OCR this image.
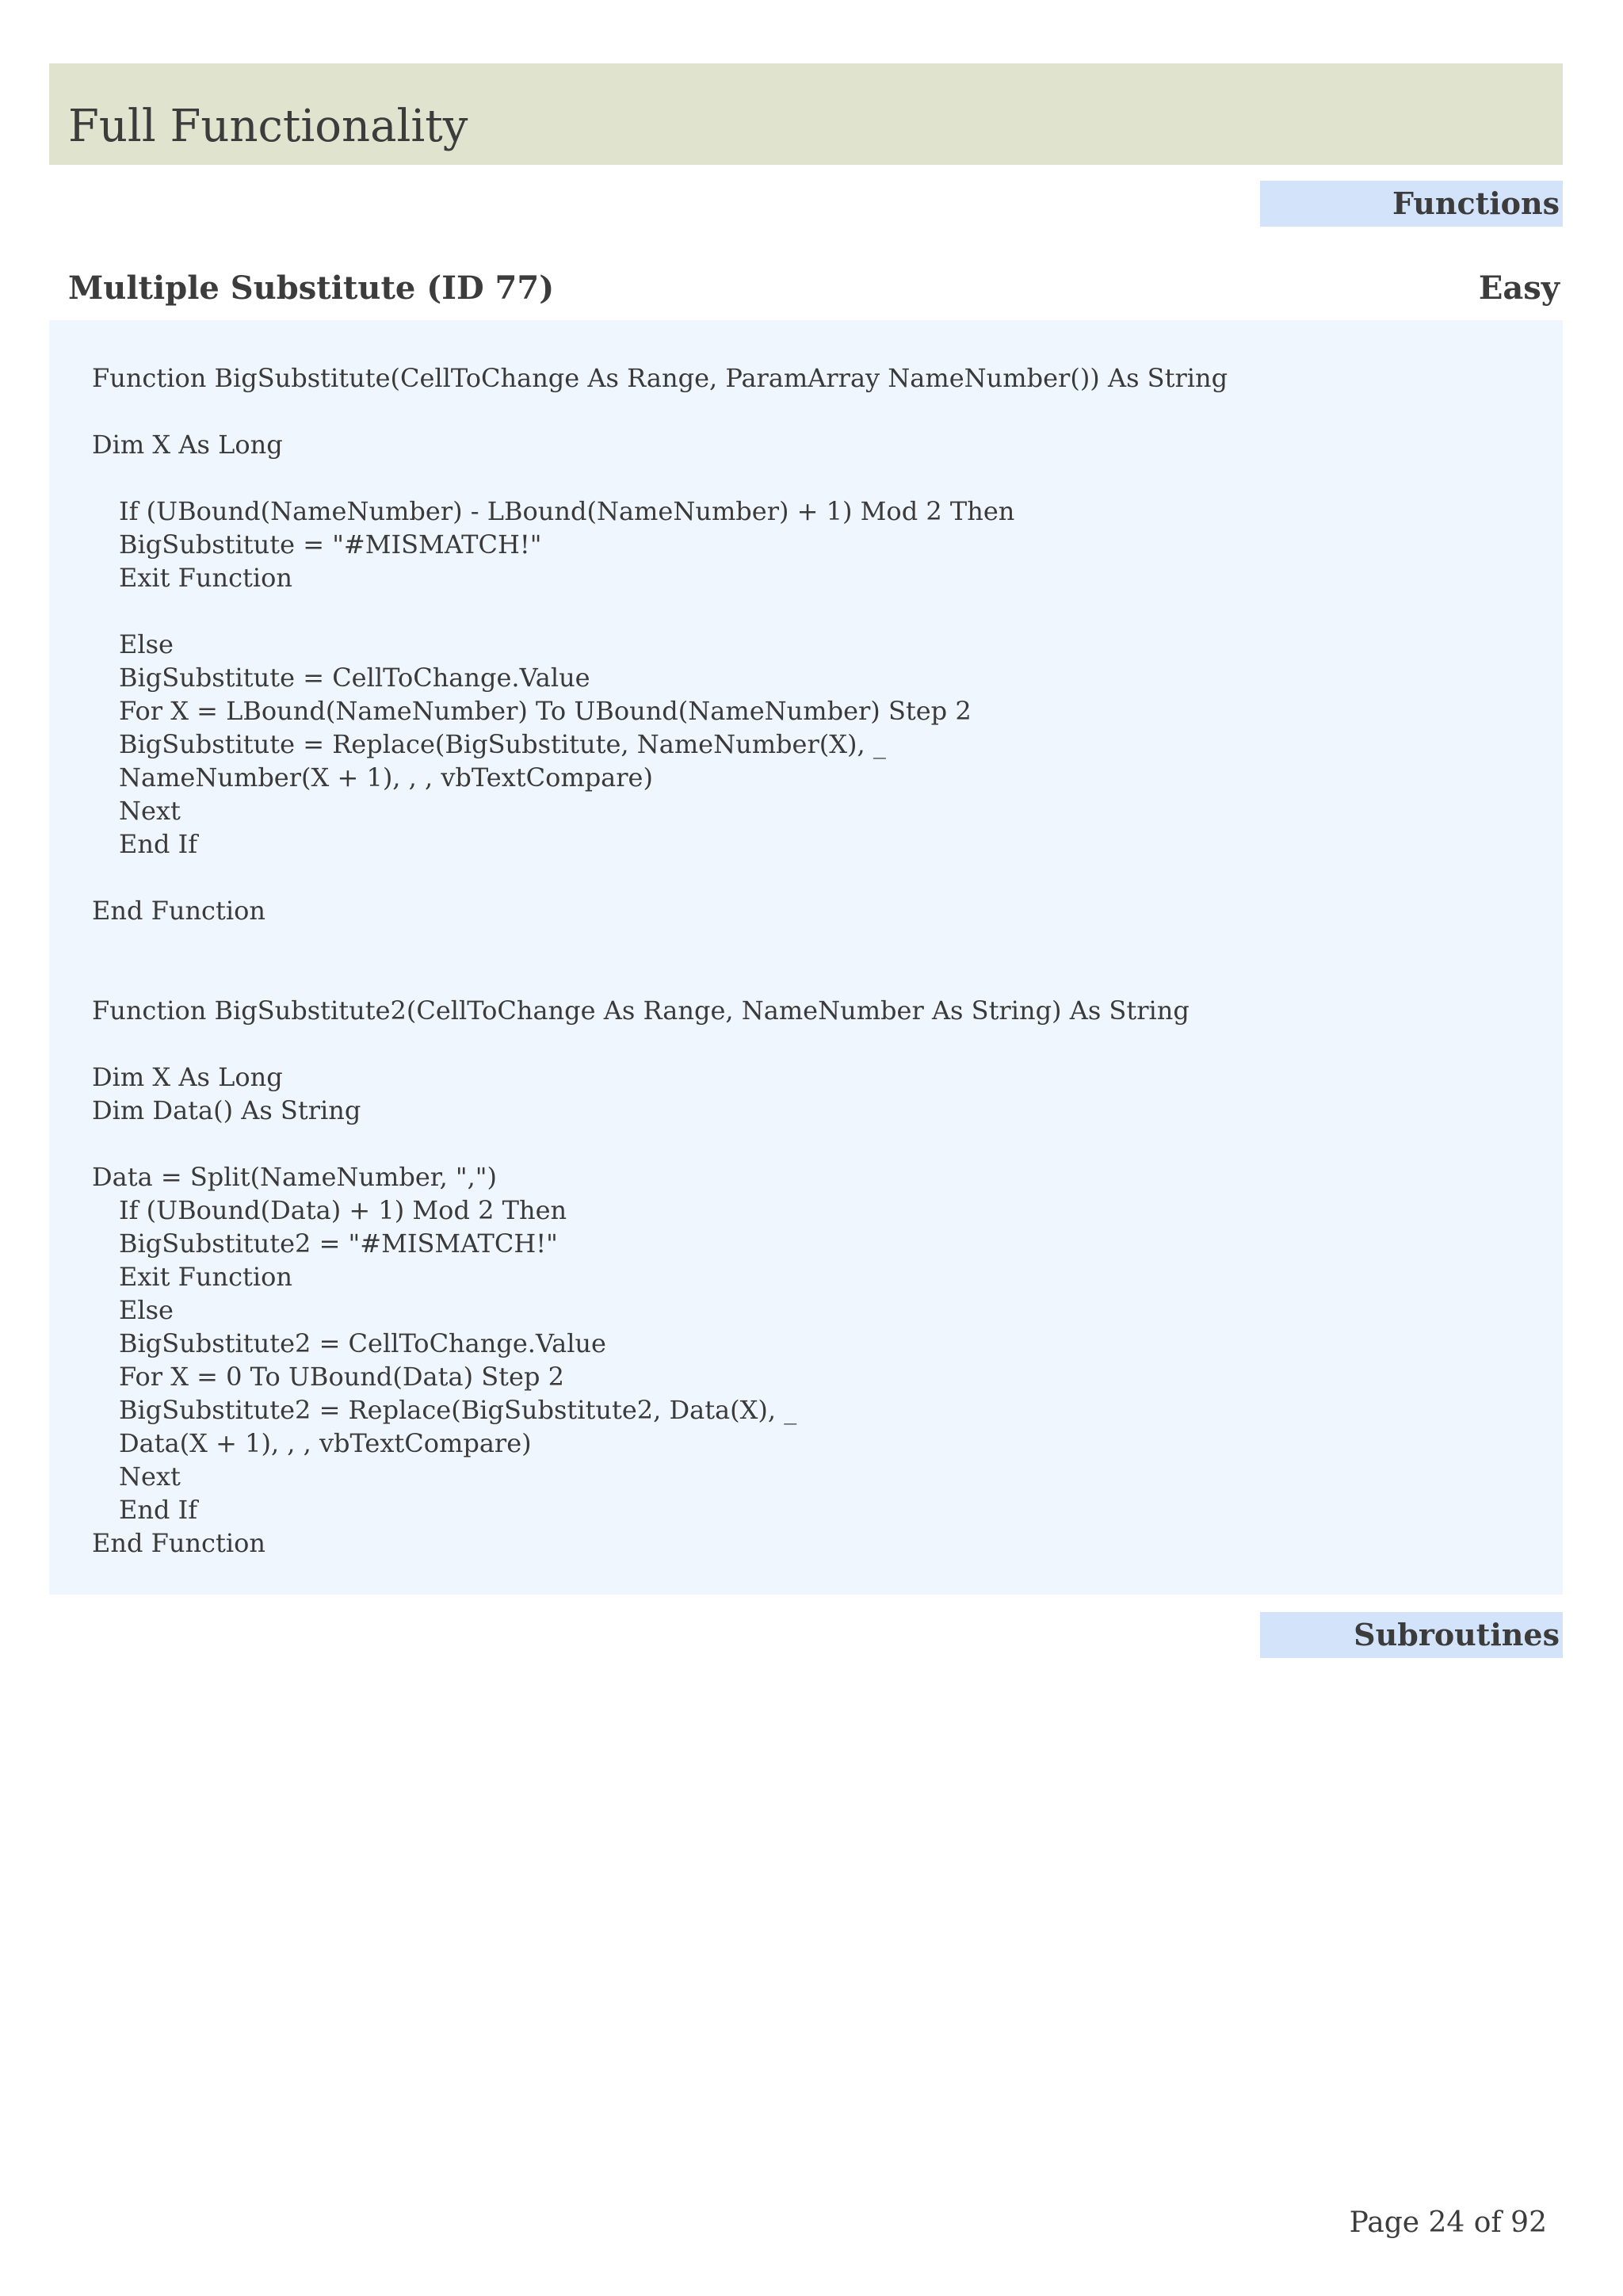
Full Functionality
Functions
Multiple Substitute (ID 77)	Easy
Function BigSubstitute(CellToChange As Range, ParamArray NameNumber()) As String
Dim X As Long
If (UBound(NameNumber) - LBound(NameNumber) + 1) Mod 2 Then
BigSubstitute = "#MISMATCH!"
Exit Function
Else
BigSubstitute = CellToChange.Value
For X = LBound(NameNumber) To UBound(NameNumber) Step 2
BigSubstitute = Replace(BigSubstitute, NameNumber(X), _
NameNumber(X + 1), , , vbTextCompare)
Next
End If
End Function
Function BigSubstitute2(CellToChange As Range, NameNumber As String) As String
Dim X As Long
Dim Data() As String
Data = Split(NameNumber, ",")
If (UBound(Data) + 1) Mod 2 Then
BigSubstitute2 = "#MISMATCH!"
Exit Function
Else
BigSubstitute2 = CellToChange.Value
For X = 0 To UBound(Data) Step 2
BigSubstitute2 = Replace(BigSubstitute2, Data(X), _
Data(X + 1), , , vbTextCompare)
Next
End If
End Function
Subroutines
Page 24 of 92
